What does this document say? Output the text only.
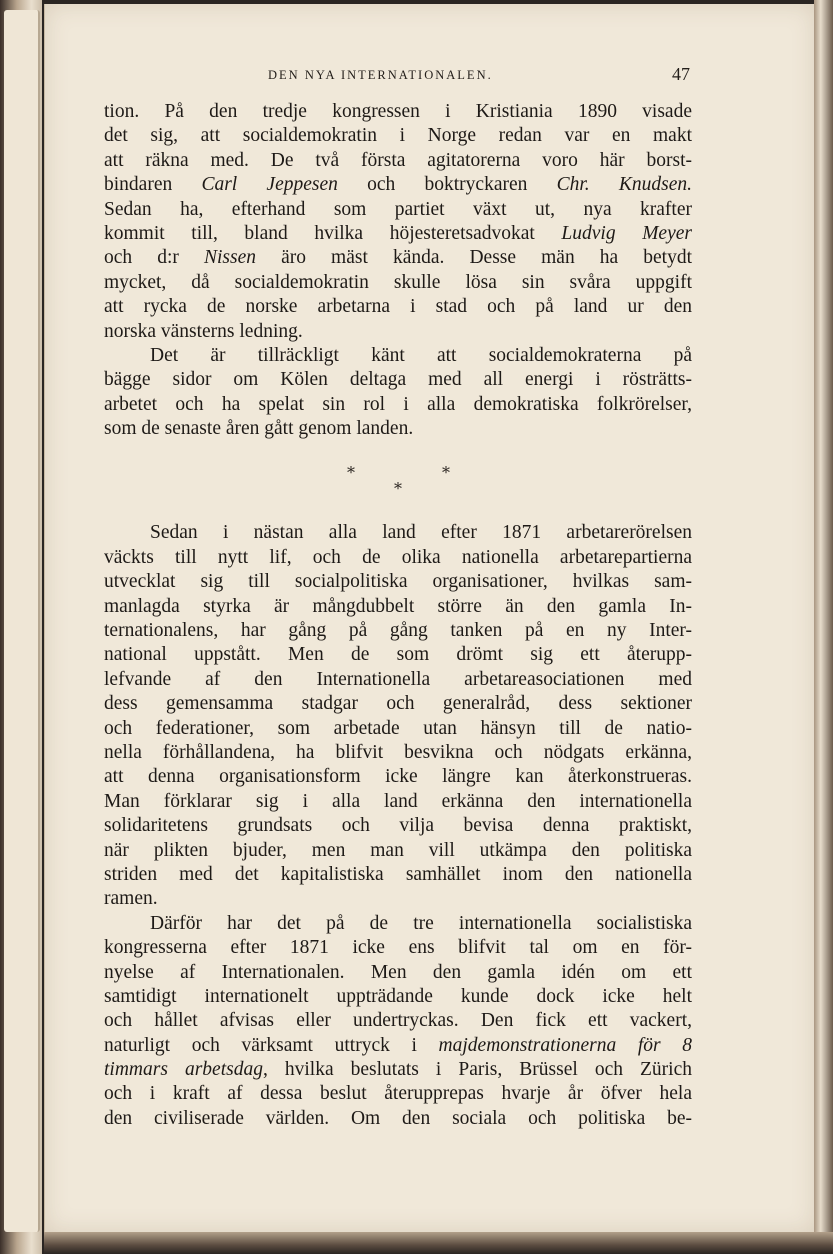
DEN NYA INTERNATIONALEN.	47
tion. På den tredje kongressen i Kristiania 1890 visade
det sig, att socialdemokratin i Norge redan var en makt
att räkna med. De två första agitatorerna voro här borst-
bindaren Carl Jeppesen och boktryckaren Chr. Knudsen.
Sedan ha, efterhand som partiet växt ut, nya krafter
kommit till, bland hvilka höjesteretsadvokat Ludvig Meyer
och d:r Nissen äro mäst kända. Desse män ha betydt
mycket, då socialdemokratin skulle lösa sin svåra uppgift
att rycka de norske arbetarna i stad och på land ur den
norska vänsterns ledning.
Det är tillräckligt känt att socialdemokraterna på
bägge sidor om Kölen deltaga med all energi i rösträtts-
arbetet och ha spelat sin rol i alla demokratiska folkrörelser,
som de senaste åren gått genom landen.
*	*
*
Sedan i nästan alla land efter 1871 arbetarerörelsen
väckts till nytt lif, och de olika nationella arbetarepartierna
utvecklat sig till socialpolitiska organisationer, hvilkas sam-
manlagda styrka är mångdubbelt större än den gamla In-
ternationalens, har gång på gång tanken på en ny Inter-
national uppstått. Men de som drömt sig ett återupp-
lefvande af den Internationella arbetareasociationen med
dess gemensamma stadgar och generalråd, dess sektioner
och federationer, som arbetade utan hänsyn till de natio-
nella förhållandena, ha blifvit besvikna och nödgats erkänna,
att denna organisationsform icke längre kan återkonstrueras.
Man förklarar sig i alla land erkänna den internationella
solidaritetens grundsats och vilja bevisa denna praktiskt,
när plikten bjuder, men man vill utkämpa den politiska
striden med det kapitalistiska samhället inom den nationella
ramen.
Därför har det på de tre internationella socialistiska
kongresserna efter 1871 icke ens blifvit tal om en för-
nyelse af Internationalen. Men den gamla idén om ett
samtidigt internationelt uppträdande kunde dock icke helt
och hållet afvisas eller undertryckas. Den fick ett vackert,
naturligt och värksamt uttryck i majdemonstrationerna för 8
timmars arbetsdag, hvilka beslutats i Paris, Brüssel och Zürich
och i kraft af dessa beslut återupprepas hvarje år öfver hela
den civiliserade världen. Om den sociala och politiska be-
